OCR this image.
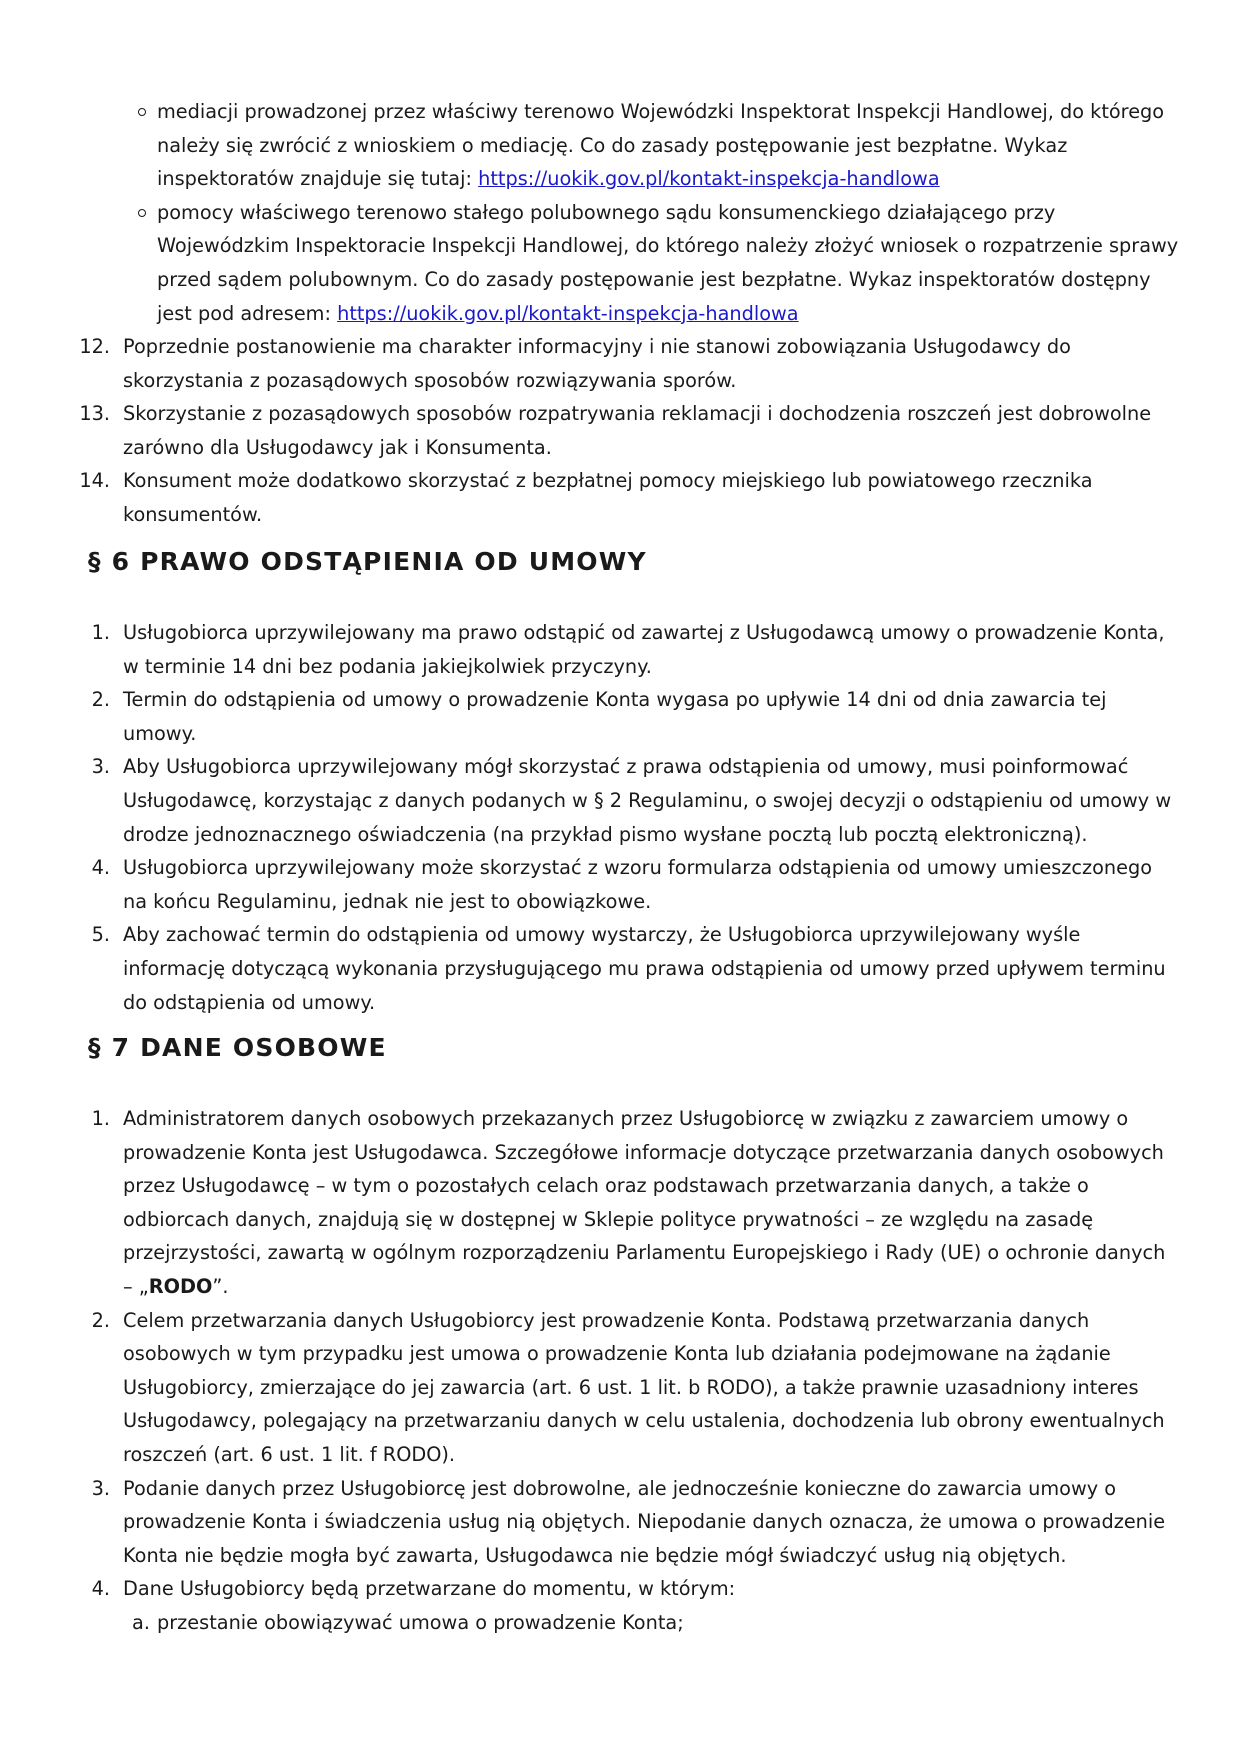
mediacji prowadzonej przez właściwy terenowo Wojewódzki Inspektorat Inspekcji Handlowej, do którego
należy się zwrócić z wnioskiem o mediację. Co do zasady postępowanie jest bezpłatne. Wykaz
inspektoratów znajduje się tutaj: https://uokik.gov.pl/kontakt-inspekcja-handlowa
pomocy właściwego terenowo stałego polubownego sądu konsumenckiego działającego przy
Wojewódzkim Inspektoracie Inspekcji Handlowej, do którego należy złożyć wniosek o rozpatrzenie sprawy
przed sądem polubownym. Co do zasady postępowanie jest bezpłatne. Wykaz inspektoratów dostępny
jest pod adresem: https://uokik.gov.pl/kontakt-inspekcja-handlowa
12. Poprzednie postanowienie ma charakter informacyjny i nie stanowi zobowiązania Usługodawcy do
skorzystania z pozasądowych sposobów rozwiązywania sporów.
13. Skorzystanie z pozasądowych sposobów rozpatrywania reklamacji i dochodzenia roszczeń jest dobrowolne
zarówno dla Usługodawcy jak i Konsumenta.
14. Konsument może dodatkowo skorzystać z bezpłatnej pomocy miejskiego lub powiatowego rzecznika
konsumentów.
§ 6 PRAWO ODSTĄPIENIA OD UMOWY
1. Usługobiorca uprzywilejowany ma prawo odstąpić od zawartej z Usługodawcą umowy o prowadzenie Konta,
w terminie 14 dni bez podania jakiejkolwiek przyczyny.
2. Termin do odstąpienia od umowy o prowadzenie Konta wygasa po upływie 14 dni od dnia zawarcia tej
umowy.
3. Aby Usługobiorca uprzywilejowany mógł skorzystać z prawa odstąpienia od umowy, musi poinformować
Usługodawcę, korzystając z danych podanych w § 2 Regulaminu, o swojej decyzji o odstąpieniu od umowy w
drodze jednoznacznego oświadczenia (na przykład pismo wysłane pocztą lub pocztą elektroniczną).
4. Usługobiorca uprzywilejowany może skorzystać z wzoru formularza odstąpienia od umowy umieszczonego
na końcu Regulaminu, jednak nie jest to obowiązkowe.
5. Aby zachować termin do odstąpienia od umowy wystarczy, że Usługobiorca uprzywilejowany wyśle
informację dotyczącą wykonania przysługującego mu prawa odstąpienia od umowy przed upływem terminu
do odstąpienia od umowy.
§ 7 DANE OSOBOWE
1. Administratorem danych osobowych przekazanych przez Usługobiorcę w związku z zawarciem umowy o
prowadzenie Konta jest Usługodawca. Szczegółowe informacje dotyczące przetwarzania danych osobowych
przez Usługodawcę – w tym o pozostałych celach oraz podstawach przetwarzania danych, a także o
odbiorcach danych, znajdują się w dostępnej w Sklepie polityce prywatności – ze względu na zasadę
przejrzystości, zawartą w ogólnym rozporządzeniu Parlamentu Europejskiego i Rady (UE) o ochronie danych
– „RODO”.
2. Celem przetwarzania danych Usługobiorcy jest prowadzenie Konta. Podstawą przetwarzania danych
osobowych w tym przypadku jest umowa o prowadzenie Konta lub działania podejmowane na żądanie
Usługobiorcy, zmierzające do jej zawarcia (art. 6 ust. 1 lit. b RODO), a także prawnie uzasadniony interes
Usługodawcy, polegający na przetwarzaniu danych w celu ustalenia, dochodzenia lub obrony ewentualnych
roszczeń (art. 6 ust. 1 lit. f RODO).
3. Podanie danych przez Usługobiorcę jest dobrowolne, ale jednocześnie konieczne do zawarcia umowy o
prowadzenie Konta i świadczenia usług nią objętych. Niepodanie danych oznacza, że umowa o prowadzenie
Konta nie będzie mogła być zawarta, Usługodawca nie będzie mógł świadczyć usług nią objętych.
4. Dane Usługobiorcy będą przetwarzane do momentu, w którym:
a. przestanie obowiązywać umowa o prowadzenie Konta;
